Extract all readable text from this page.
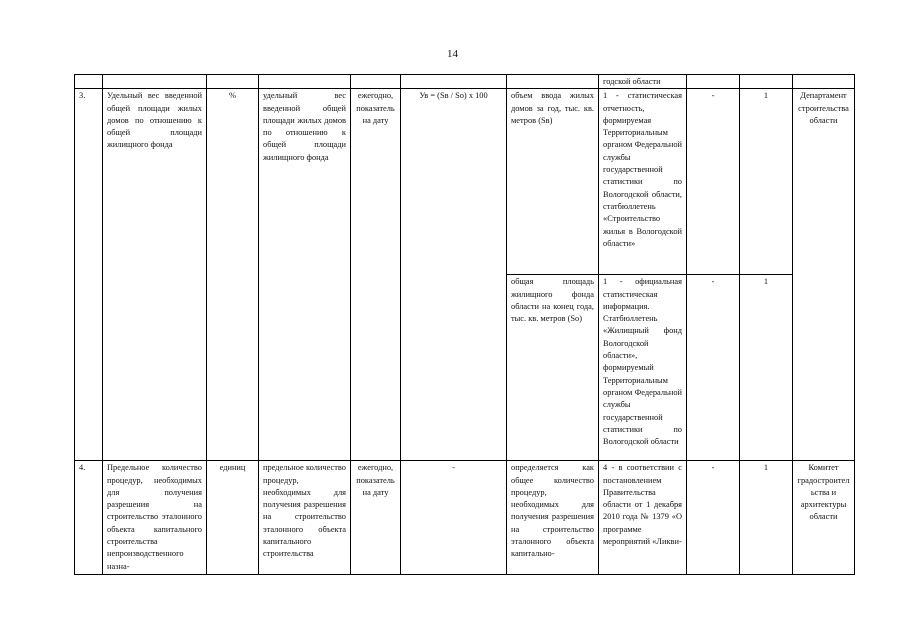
14
							годской области			
3.	Удельный вес введенной общей площади жилых домов по отношению к общей площади жилищного фонда	%	удельный вес введенной общей площади жилых домов по отношению к общей площади жилищного фонда	ежегодно, показатель на дату	Ув = (Sв / Sо) x 100	объем ввода жилых домов за год, тыс. кв. метров (Sв)	1 - статистическая отчетность, формируемая Территориальным органом Федеральной службы государственной статистики по Вологодской области, статбюллетень «Строительство жилья в Вологодской области»	-	1	Департамент строительства области
						общая площадь жилищного фонда области на конец года, тыс. кв. метров (Sо)	1 - официальная статистическая информация. Статбюллетень «Жилищный фонд Вологодской области», формируемый Территориальным органом Федеральной службы государственной статистики по Вологодской области	-	1	
4.	Предельное количество процедур, необходимых для получения разрешения на строительство эталонного объекта капитального строительства непроизводственного назна-	единиц	предельное количество процедур, необходимых для получения разрешения на строительство эталонного объекта капитального строительства	ежегодно, показатель на дату	-	определяется как общее количество процедур, необходимых для получения разрешения на строительство эталонного объекта капитально-	4 - в соответствии с постановлением Правительства области от 1 декабря 2010 года № 1379 «О программе мероприятий «Ликви-	-	1	Комитет градостроительства и архитектуры области
